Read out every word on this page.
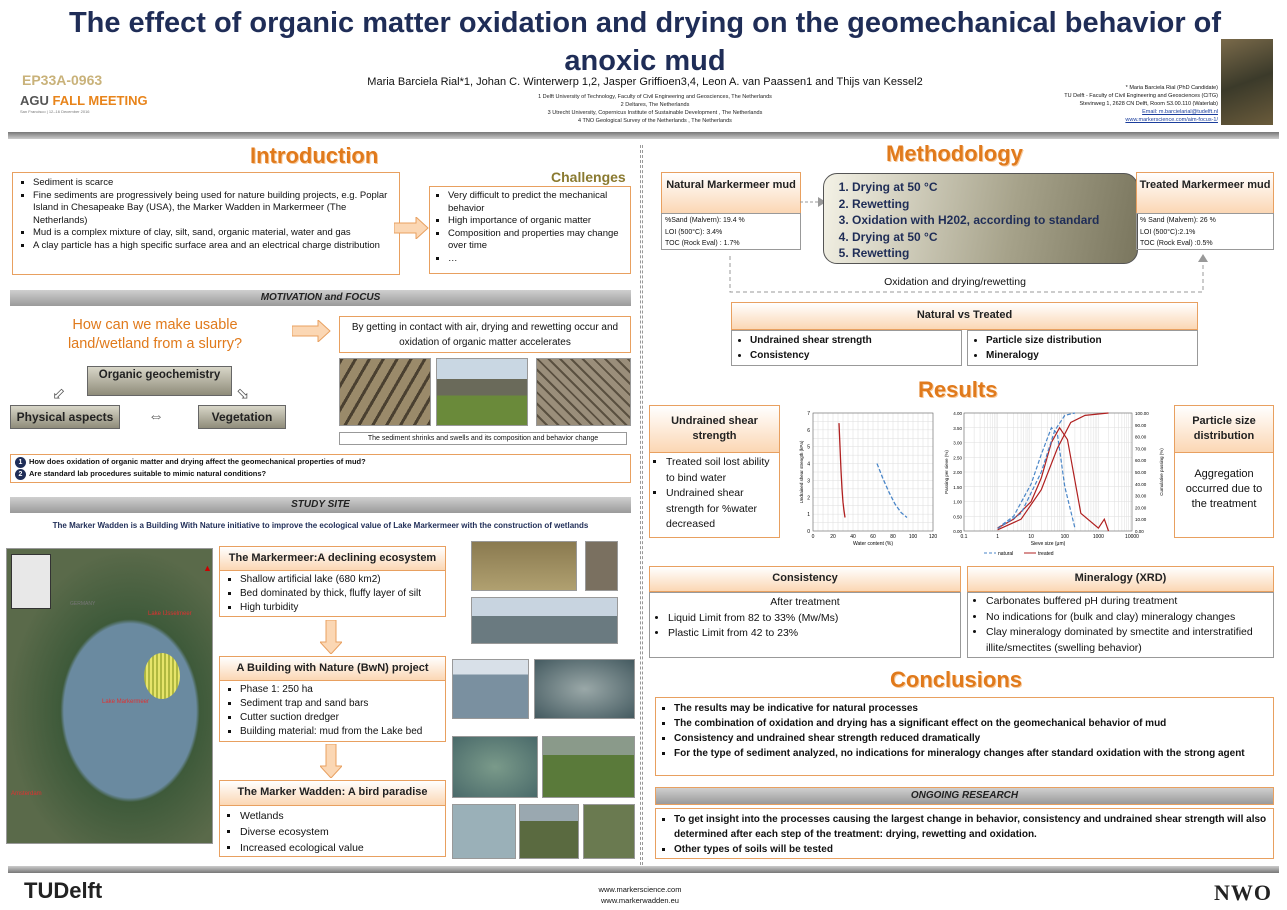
The effect of organic matter oxidation and drying on the geomechanical behavior of anoxic mud
EP33A-0963
AGU FALL MEETING
San Francisco | 12–16 December 2016
Maria Barciela Rial*1, Johan C. Winterwerp 1,2, Jasper Griffioen3,4, Leon A. van Paassen1 and Thijs van Kessel2
1 Delft University of Technology, Faculty of Civil Engineering and Geosciences, The Netherlands
2 Deltares, The Netherlands
3 Utrecht University, Copernicus Institute of Sustainable Development , The Netherlands
4 TNO Geological Survey of the Netherlands , The Netherlands
* Maria Barciela Rial (PhD Candidate)
TU Delft - Faculty of Civil Engineering and Geosciences (CiTG)
Stevinweg 1, 2628 CN Delft, Room S3.00.110 (Waterlab)
Email: m.barcielarial@tudelft.nl
www.markerscience.com/aim-focus-1/
Introduction
▪ Sediment is scarce
▪ Fine sediments are progressively being used for nature building projects, e.g. Poplar Island in Chesapeake Bay (USA), the Marker Wadden in Markermeer (The Netherlands)
▪ Mud is a complex mixture of clay, silt, sand, organic material, water and gas
▪ A clay particle has a high specific surface area and an electrical charge distribution
Challenges
▪ Very difficult to predict the mechanical behavior
▪ High importance of organic matter
▪ Composition and properties may change over time
▪ …
MOTIVATION and FOCUS
How can we make usable land/wetland from a slurry?
Organic geochemistry
Physical aspects	Vegetation
⬃	⬂
⇔
By getting in contact with air, drying and rewetting occur and oxidation of organic matter accelerates
The sediment shrinks and swells and its composition and behavior change
1 How does oxidation of organic matter and drying affect the geomechanical properties of mud?
2 Are standard lab procedures suitable to mimic natural conditions?
STUDY SITE
The Marker Wadden is a Building With Nature initiative to improve the ecological value of Lake Markermeer with the construction of wetlands
Lake IJsselmeer
Lake Markermeer
Amsterdam
GERMANY
▲
The Markermeer:A declining ecosystem
▪ Shallow artificial lake (680 km2)
▪ Bed dominated by thick, fluffy layer of silt
▪ High turbidity
A Building with Nature (BwN) project
▪ Phase 1: 250 ha
▪ Sediment trap and sand bars
▪ Cutter suction dredger
▪ Building material: mud from the Lake bed
The Marker Wadden: A bird paradise
▪ Wetlands
▪ Diverse ecosystem
▪ Increased ecological value
Methodology
Natural Markermeer mud
%Sand (Malvern): 19.4 %
LOI (500°C): 3.4%
TOC (Rock Eval) : 1.7%
1. Drying at 50 °C
2. Rewetting
3. Oxidation with H202, according to standard
4. Drying at 50 °C
5. Rewetting
Treated Markermeer mud
% Sand (Malvern): 26 %
LOI (500°C):2.1%
TOC (Rock Eval) :0.5%
Oxidation and drying/rewetting
Natural vs Treated
• Undrained shear strength
• Consistency
• Particle size distribution
• Mineralogy
Results
Undrained shear strength
▪ Treated soil lost ability to bind water
▪ Undrained shear strength for %water decreased
0	20	40	60	80	100 120
0
1
2
3
4
5
6
7
Water content (%)
Undrained shear strength (kPa)
0.1	1	10	100	1000	10000
0.00
0.50
1.00
1.50
2.00
2.50
3.00
3.50
4.00
0.00
10.00
20.00
30.00
40.00
50.00
60.00
70.00
80.00
90.00
100.00
Sieve size (μm)
Passing per sieve (%)	Cumulative passing (%)
natural	treated
Particle size distribution
Aggregation occurred due to the treatment
Consistency
After treatment
• Liquid Limit from 82 to 33% (Mw/Ms)
• Plastic Limit from 42 to 23%
Mineralogy (XRD)
• Carbonates buffered pH during treatment
• No indications for (bulk and clay) mineralogy changes
• Clay mineralogy dominated by smectite and interstratified illite/smectites (swelling behavior)
Conclusions
▪ The results may be indicative for natural processes
▪ The combination of oxidation and drying has a significant effect on the geomechanical behavior of mud
▪ Consistency and undrained shear strength reduced dramatically
▪ For the type of sediment analyzed, no indications for mineralogy changes after standard oxidation with the strong agent
ONGOING RESEARCH
▪ To get insight into the processes causing the largest change in behavior, consistency and undrained shear strength will also determined after each step of the treatment: drying, rewetting and oxidation.
▪ Other types of soils will be tested
TUDelft	www.markerscience.com
www.markerwadden.eu	NWO
